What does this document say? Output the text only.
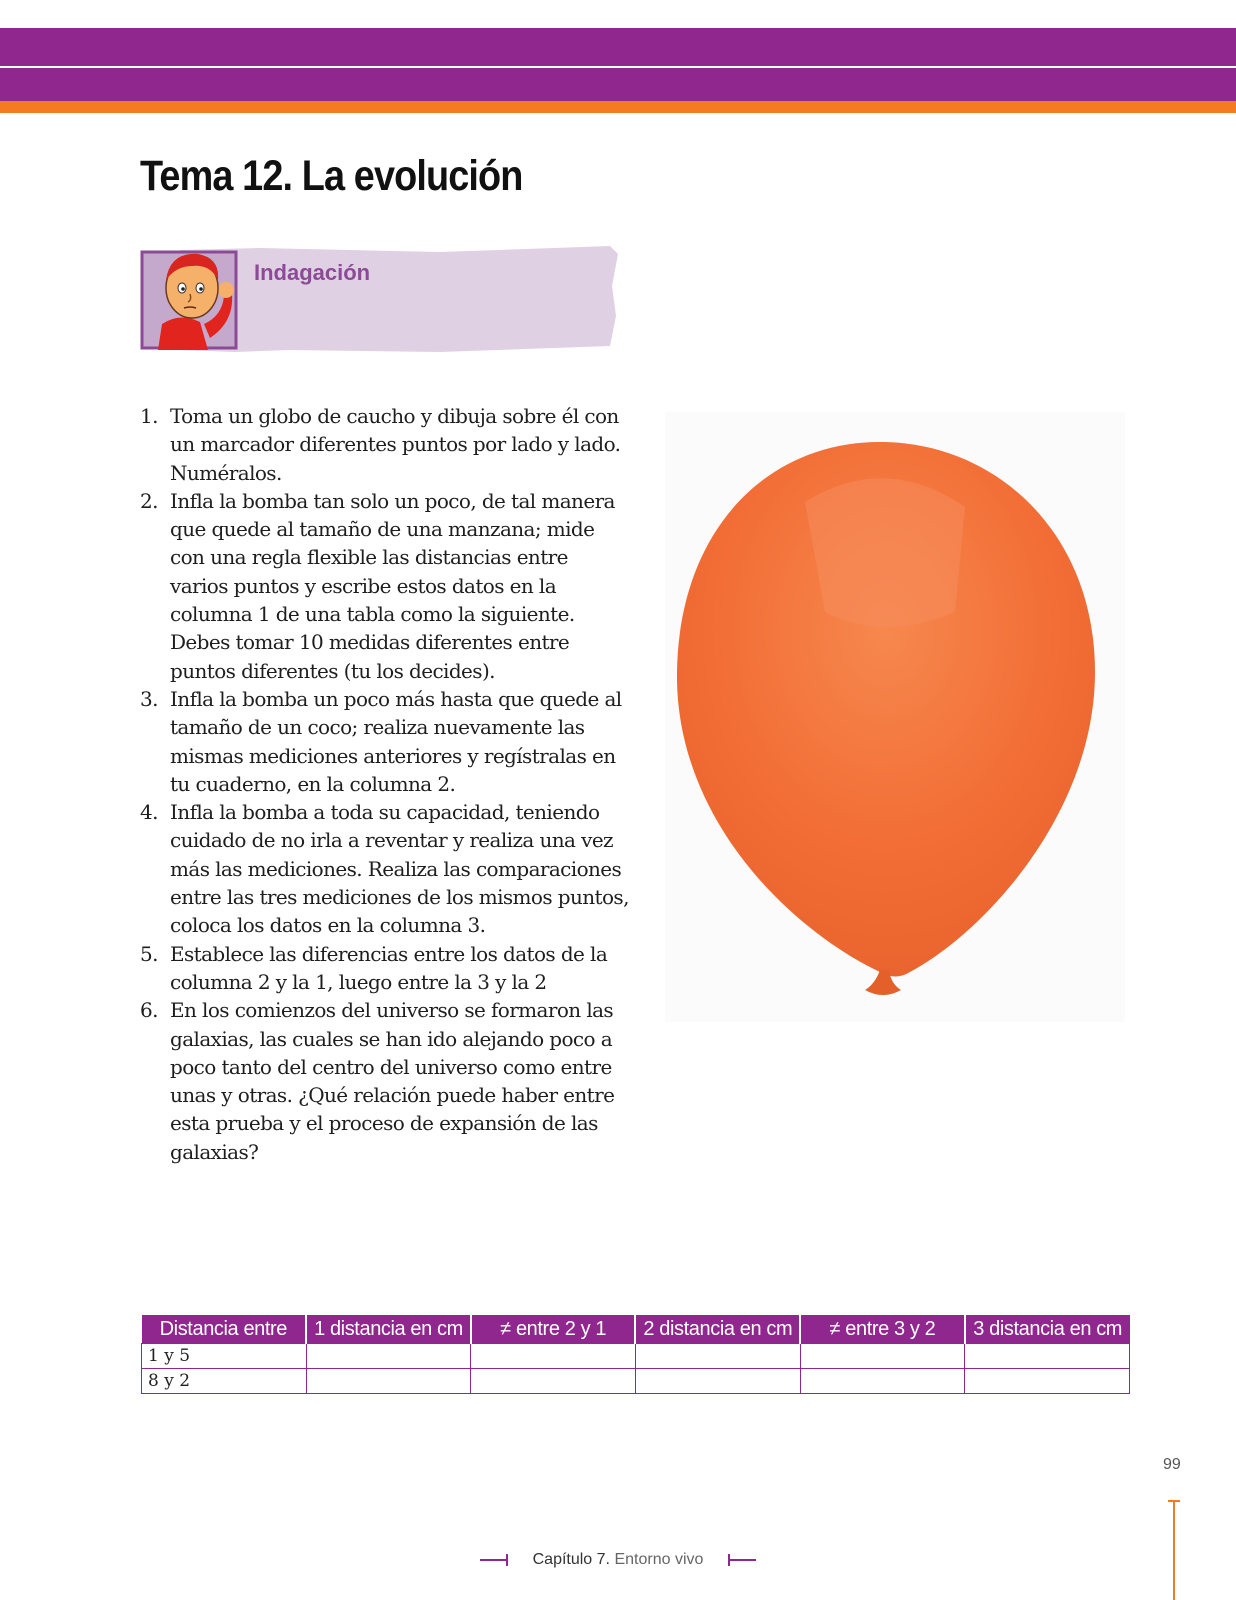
Tema 12. La evolución
Indagación
1. Toma un globo de caucho y dibuja sobre él con un marcador diferentes puntos por lado y lado. Numéralos.
2. Infla la bomba tan solo un poco, de tal manera que quede al tamaño de una manzana; mide con una regla flexible las distancias entre varios puntos y escribe estos datos en la columna 1 de una tabla como la siguiente. Debes tomar 10 medidas diferentes entre puntos diferentes (tu los decides).
3. Infla la bomba un poco más hasta que quede al tamaño de un coco; realiza nuevamente las mismas mediciones anteriores y regístralas en tu cuaderno, en la columna 2.
4. Infla la bomba a toda su capacidad, teniendo cuidado de no irla a reventar y realiza una vez más las mediciones. Realiza las comparaciones entre las tres mediciones de los mismos puntos, coloca los datos en la columna 3.
5. Establece las diferencias entre los datos de la columna 2 y la 1, luego entre la 3 y la 2
6. En los comienzos del universo se formaron las galaxias, las cuales se han ido alejando poco a poco tanto del centro del universo como entre unas y otras. ¿Qué relación puede haber entre esta prueba y el proceso de expansión de las galaxias?
Distancia entre	1 distancia en cm	≠ entre 2 y 1	2 distancia en cm	≠ entre 3 y 2	3 distancia en cm
1 y 5					
8 y 2					
99
Capítulo 7. Entorno vivo
